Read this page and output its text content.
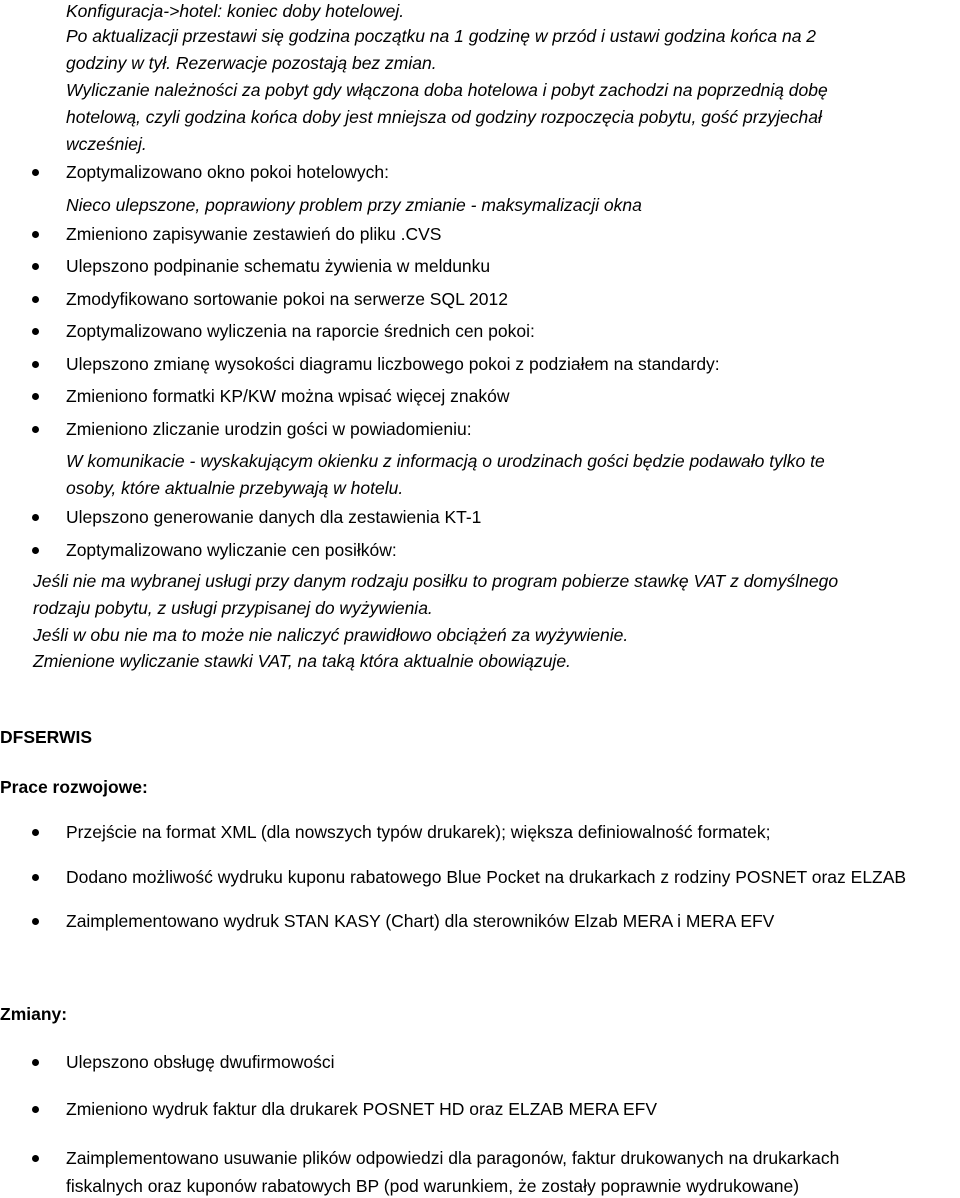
Konfiguracja->hotel: koniec doby hotelowej.
Po aktualizacji przestawi się godzina początku na 1 godzinę w przód i ustawi godzina końca na 2
godziny w tył. Rezerwacje pozostają bez zmian.
Wyliczanie należności za pobyt gdy włączona doba hotelowa i pobyt zachodzi na poprzednią dobę
hotelową, czyli godzina końca doby jest mniejsza od godziny rozpoczęcia pobytu, gość przyjechał
wcześniej.
Zoptymalizowano okno pokoi hotelowych:
Nieco ulepszone, poprawiony problem przy zmianie - maksymalizacji okna
Zmieniono zapisywanie zestawień do pliku .CVS
Ulepszono podpinanie schematu żywienia w meldunku
Zmodyfikowano sortowanie pokoi na serwerze SQL 2012
Zoptymalizowano wyliczenia na raporcie średnich cen pokoi:
Ulepszono zmianę wysokości diagramu liczbowego pokoi z podziałem na standardy:
Zmieniono formatki KP/KW można wpisać więcej znaków
Zmieniono zliczanie urodzin gości w powiadomieniu:
W komunikacie - wyskakującym okienku z informacją o urodzinach gości będzie podawało tylko te
osoby, które aktualnie przebywają w hotelu.
Ulepszono generowanie danych dla zestawienia KT-1
Zoptymalizowano wyliczanie cen posiłków:
Jeśli nie ma wybranej usługi przy danym rodzaju posiłku to program pobierze stawkę VAT z domyślnego
rodzaju pobytu, z usługi przypisanej do wyżywienia.
Jeśli w obu nie ma to może nie naliczyć prawidłowo obciążeń za wyżywienie.
Zmienione wyliczanie stawki VAT, na taką która aktualnie obowiązuje.
DFSERWIS
Prace rozwojowe:
Przejście na format XML (dla nowszych typów drukarek); większa definiowalność formatek;
Dodano możliwość wydruku kuponu rabatowego Blue Pocket na drukarkach z rodziny POSNET oraz ELZAB
Zaimplementowano wydruk STAN KASY (Chart) dla sterowników Elzab MERA i MERA EFV
Zmiany:
Ulepszono obsługę dwufirmowości
Zmieniono wydruk faktur dla drukarek POSNET HD oraz ELZAB MERA EFV
Zaimplementowano usuwanie plików odpowiedzi dla paragonów, faktur drukowanych na drukarkach
fiskalnych oraz kuponów rabatowych BP (pod warunkiem, że zostały poprawnie wydrukowane)
